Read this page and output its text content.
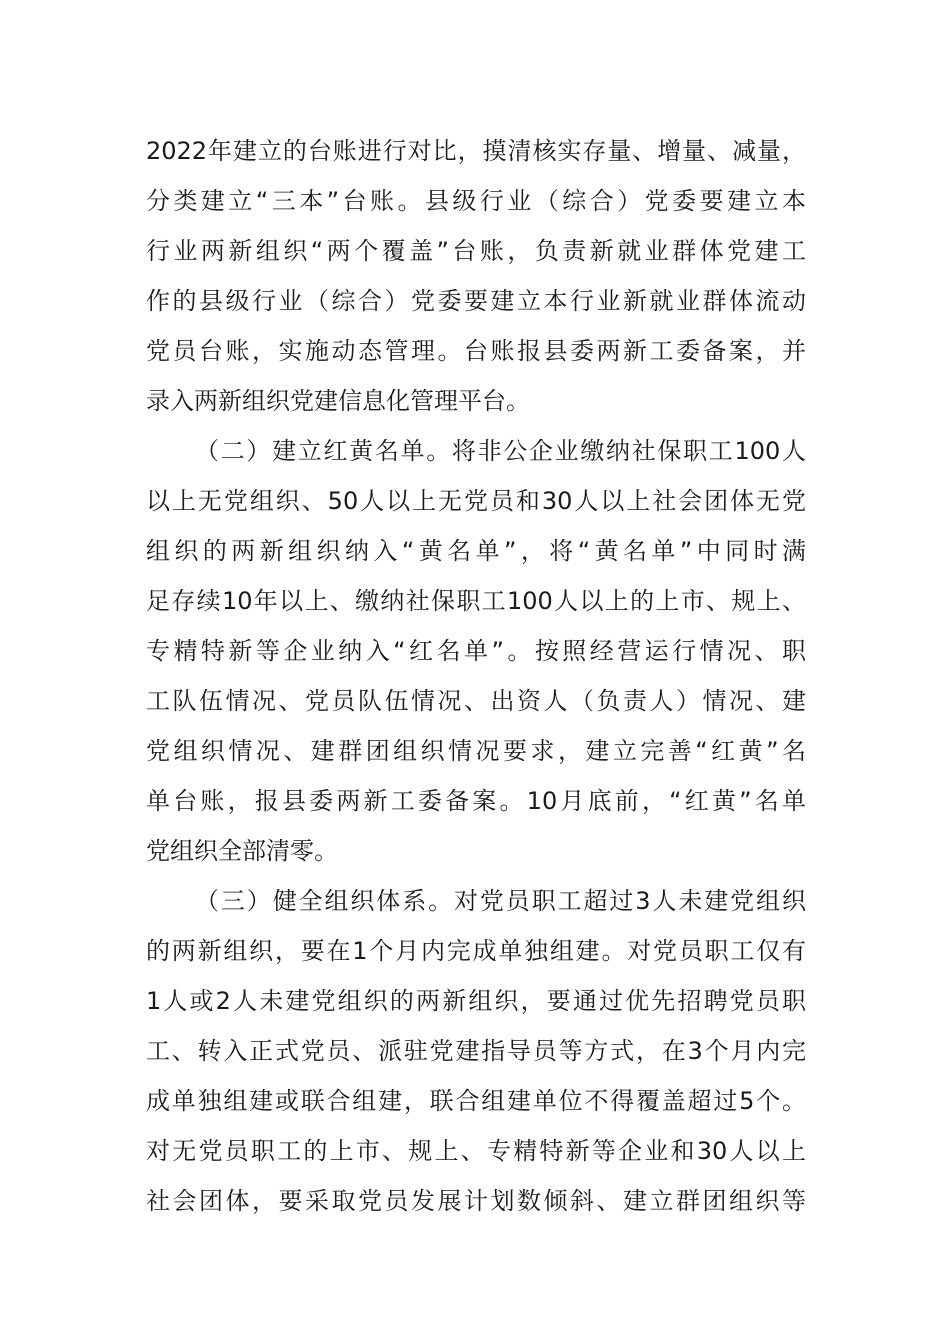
2022年建立的台账进行对比，摸清核实存量、增量、减量，
分类建立“三本”台账。县级行业（综合）党委要建立本
行业两新组织“两个覆盖”台账，负责新就业群体党建工
作的县级行业（综合）党委要建立本行业新就业群体流动
党员台账，实施动态管理。台账报县委两新工委备案，并
录入两新组织党建信息化管理平台。
（二）建立红黄名单。将非公企业缴纳社保职工100人
以上无党组织、50人以上无党员和30人以上社会团体无党
组织的两新组织纳入“黄名单”，将“黄名单”中同时满
足存续10年以上、缴纳社保职工100人以上的上市、规上、
专精特新等企业纳入“红名单”。按照经营运行情况、职
工队伍情况、党员队伍情况、出资人（负责人）情况、建
党组织情况、建群团组织情况要求，建立完善“红黄”名
单台账，报县委两新工委备案。10月底前，“红黄”名单
党组织全部清零。
（三）健全组织体系。对党员职工超过3人未建党组织
的两新组织，要在1个月内完成单独组建。对党员职工仅有
1人或2人未建党组织的两新组织，要通过优先招聘党员职
工、转入正式党员、派驻党建指导员等方式，在3个月内完
成单独组建或联合组建，联合组建单位不得覆盖超过5个。
对无党员职工的上市、规上、专精特新等企业和30人以上
社会团体，要采取党员发展计划数倾斜、建立群团组织等
